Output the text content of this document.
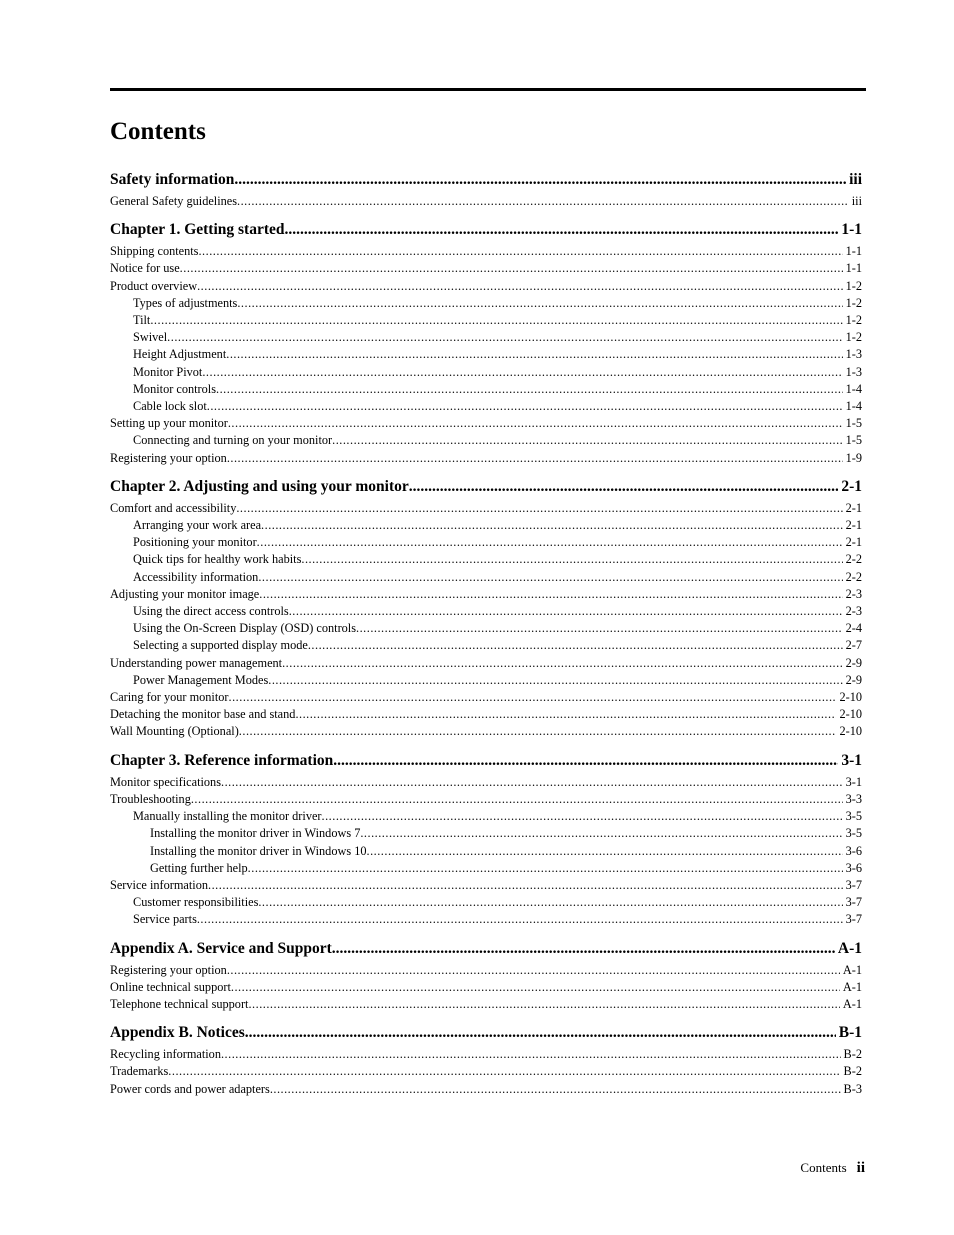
Contents
Safety information .....	iii
General Safety guidelines .....	iii
Chapter 1. Getting started .....	1-1
Shipping contents .....	1-1
Notice for use .....	1-1
Product overview .....	1-2
Types of adjustments .....	1-2
Tilt .....	1-2
Swivel .....	1-2
Height Adjustment .....	1-3
Monitor Pivot .....	1-3
Monitor controls .....	1-4
Cable lock slot .....	1-4
Setting up your monitor .....	1-5
Connecting and turning on your monitor .....	1-5
Registering your option .....	1-9
Chapter 2. Adjusting and using your monitor .....	2-1
Comfort and accessibility .....	2-1
Arranging your work area .....	2-1
Positioning your monitor .....	2-1
Quick tips for healthy work habits .....	2-2
Accessibility information .....	2-2
Adjusting your monitor image .....	2-3
Using the direct access controls .....	2-3
Using the On-Screen Display (OSD) controls .....	2-4
Selecting a supported display mode .....	2-7
Understanding power management .....	2-9
Power Management Modes .....	2-9
Caring for your monitor .....	2-10
Detaching the monitor base and stand .....	2-10
Wall Mounting (Optional) .....	2-10
Chapter 3. Reference information .....	3-1
Monitor specifications .....	3-1
Troubleshooting .....	3-3
Manually installing the monitor driver .....	3-5
Installing the monitor driver in Windows 7 .....	3-5
Installing the monitor driver in Windows 10 .....	3-6
Getting further help .....	3-6
Service information .....	3-7
Customer responsibilities .....	3-7
Service parts .....	3-7
Appendix A. Service and Support .....	A-1
Registering your option .....	A-1
Online technical support .....	A-1
Telephone technical support .....	A-1
Appendix B. Notices .....	B-1
Recycling information .....	B-2
Trademarks .....	B-2
Power cords and power adapters .....	B-3
Contents ii
